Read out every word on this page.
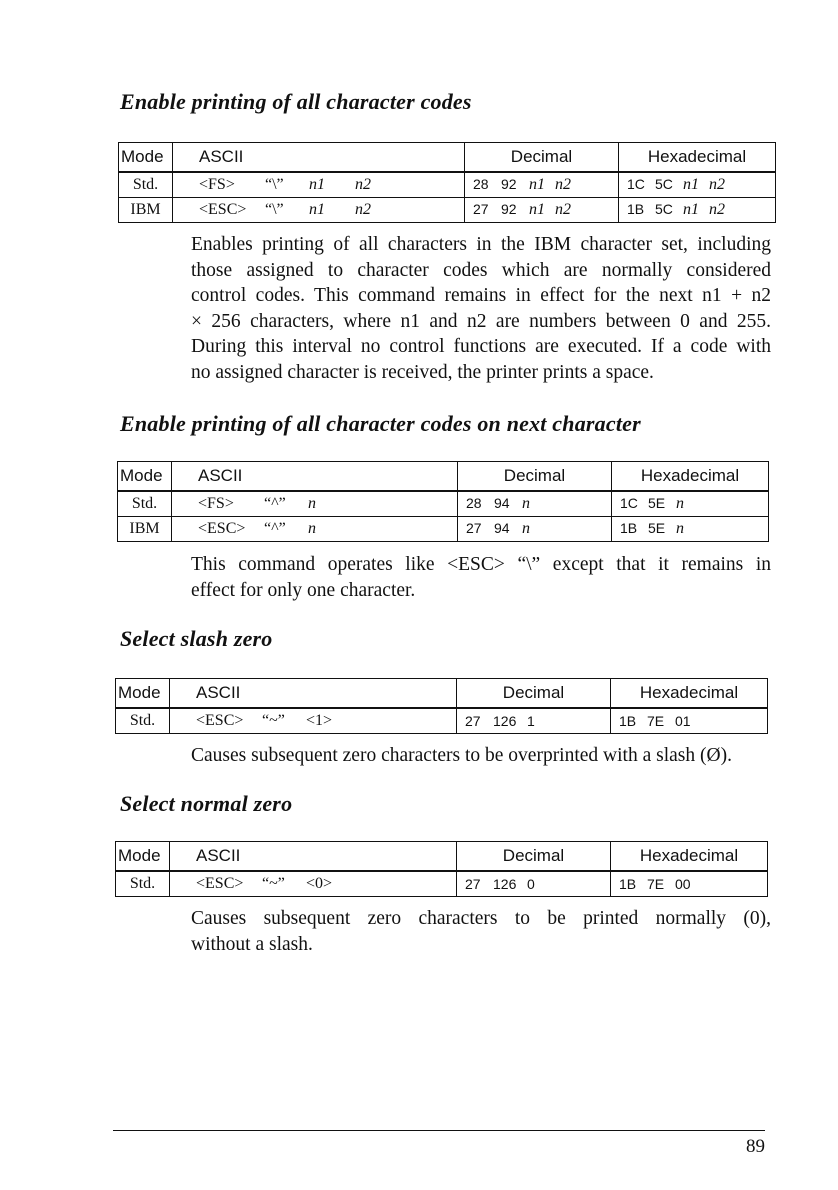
Enable printing of all character codes
Mode	ASCII	Decimal	Hexadecimal
Std.	<FS> “\” n1 n2	28 92 n1 n2	1C 5C n1 n2
IBM	<ESC> “\” n1 n2	27 92 n1 n2	1B 5C n1 n2
Enables printing of all characters in the IBM character set, including
those assigned to character codes which are normally considered
control codes. This command remains in effect for the next n1 + n2
× 256 characters, where n1 and n2 are numbers between 0 and 255.
During this interval no control functions are executed. If a code with
no assigned character is received, the printer prints a space.
Enable printing of all character codes on next character
Mode	ASCII	Decimal	Hexadecimal
Std.	<FS> “^” n	28 94 n	1C 5E n
IBM	<ESC> “^” n	27 94 n	1B 5E n
This command operates like <ESC> “\” except that it remains in
effect for only one character.
Select slash zero
Mode	ASCII	Decimal	Hexadecimal
Std.	<ESC> “~” <1>	27 126 1	1B 7E 01
Causes subsequent zero characters to be overprinted with a slash (Ø).
Select normal zero
Mode	ASCII	Decimal	Hexadecimal
Std.	<ESC> “~” <0>	27 126 0	1B 7E 00
Causes subsequent zero characters to be printed normally (0),
without a slash.
89
